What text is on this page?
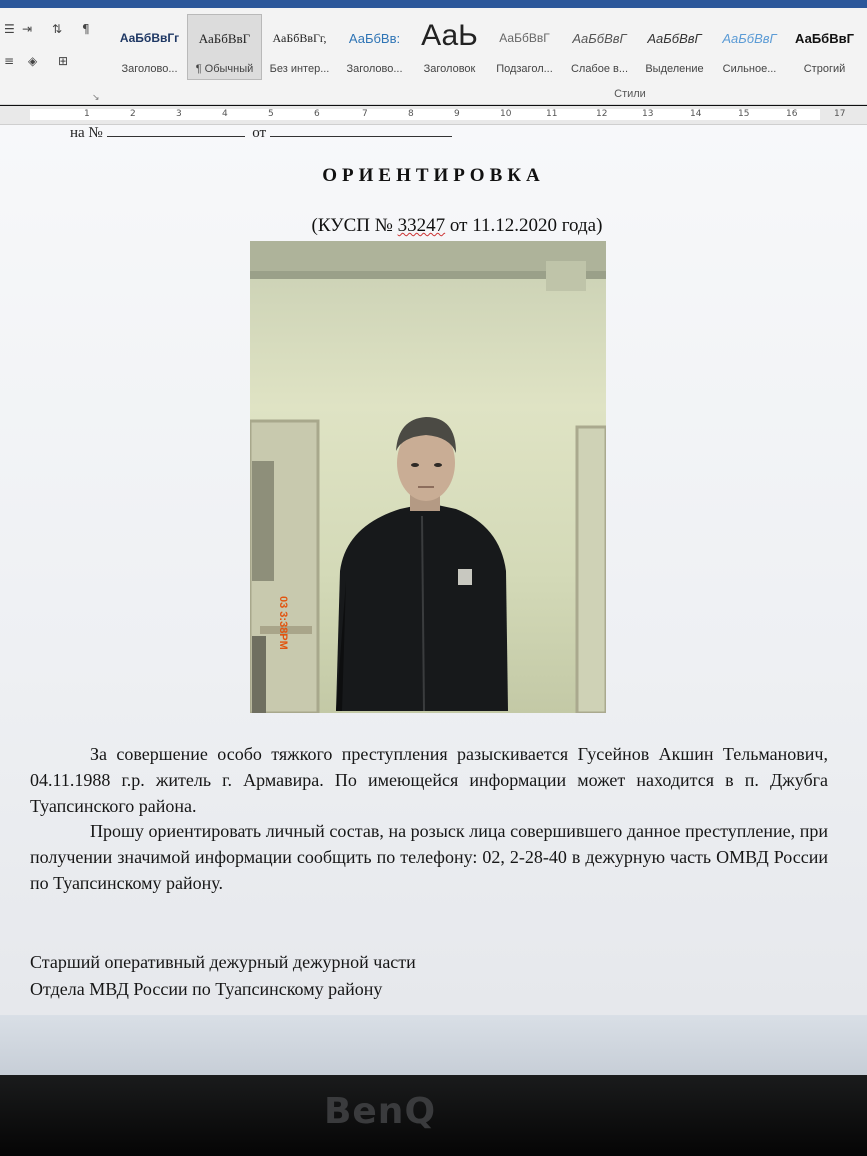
☰ ⇥ ⇅ ¶
≡ ◈ ⊞
↘
АаБбВвГг
Заголово...
АаБбВвГ
¶ Обычный
АаБбВвГг,
Без интер...
АаБбВв:
Заголово...
АаЬ
Заголовок
АаБбВвГ
Подзагол...
АаБбВвГ
Слабое в...
АаБбВвГ
Выделение
АаБбВвГ
Сильное...
АаБбВвГ
Строгий
Стили
1	2	3	4	5	6	7	8	9	10	11	12	13	14	15	16	17
на №	от
ОРИЕНТИРОВКА
(КУСП № 33247 от 11.12.2020 года)
03 3:38PM
За совершение особо тяжкого преступления разыскивается Гусейнов Акшин Тельманович, 04.11.1988 г.р. житель г. Армавира. По имеющейся информации может находится в п. Джубга Туапсинского района.
Прошу ориентировать личный состав, на розыск лица совершившего данное преступление, при получении значимой информации сообщить по телефону: 02, 2-28-40 в дежурную часть ОМВД России по Туапсинскому району.
Старший оперативный дежурный дежурной части
Отдела МВД России по Туапсинскому району
BenQ
